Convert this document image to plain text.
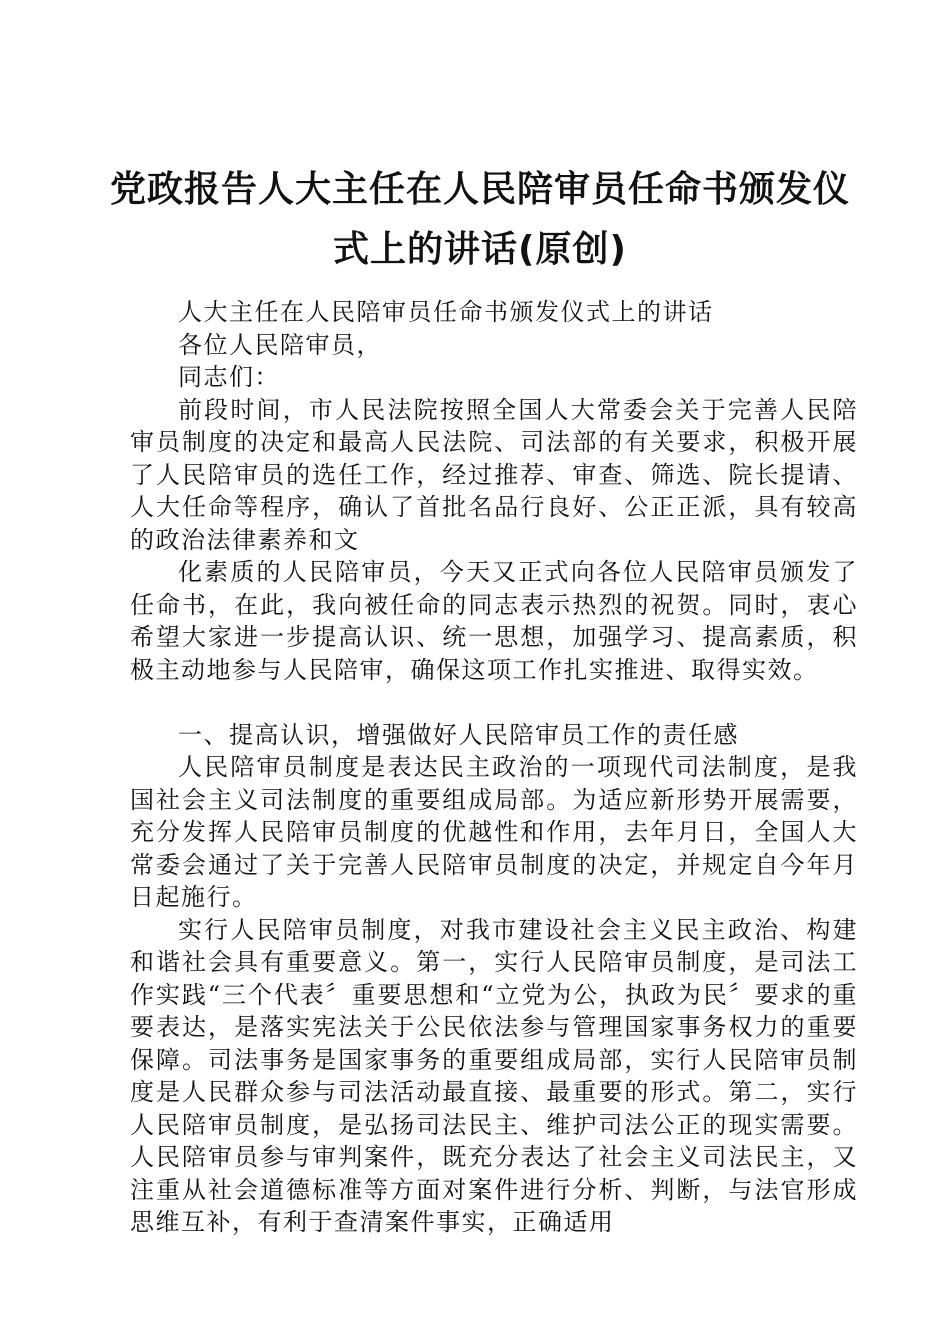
党政报告人大主任在人民陪审员任命书颁发仪式上的讲话(原创)

人大主任在人民陪审员任命书颁发仪式上的讲话

各位人民陪审员，

同志们：

前段时间，市人民法院按照全国人大常委会关于完善人民陪审员制度的决定和最高人民法院、司法部的有关要求，积极开展了人民陪审员的选任工作，经过推荐、审查、筛选、院长提请、人大任命等程序，确认了首批名品行良好、公正正派，具有较高的政治法律素养和文

化素质的人民陪审员，今天又正式向各位人民陪审员颁发了任命书，在此，我向被任命的同志表示热烈的祝贺。同时，衷心希望大家进一步提高认识、统一思想，加强学习、提高素质，积极主动地参与人民陪审，确保这项工作扎实推进、取得实效。

一、提高认识，增强做好人民陪审员工作的责任感

人民陪审员制度是表达民主政治的一项现代司法制度，是我国社会主义司法制度的重要组成局部。为适应新形势开展需要，充分发挥人民陪审员制度的优越性和作用，去年月日，全国人大常委会通过了关于完善人民陪审员制度的决定，并规定自今年月日起施行。

实行人民陪审员制度，对我市建设社会主义民主政治、构建和谐社会具有重要意义。第一，实行人民陪审员制度，是司法工作实践“三个代表〞重要思想和“立党为公，执政为民〞要求的重要表达，是落实宪法关于公民依法参与管理国家事务权力的重要保障。司法事务是国家事务的重要组成局部，实行人民陪审员制度是人民群众参与司法活动最直接、最重要的形式。第二，实行人民陪审员制度，是弘扬司法民主、维护司法公正的现实需要。人民陪审员参与审判案件，既充分表达了社会主义司法民主，又注重从社会道德标准等方面对案件进行分析、判断，与法官形成思维互补，有利于查清案件事实，正确适用
